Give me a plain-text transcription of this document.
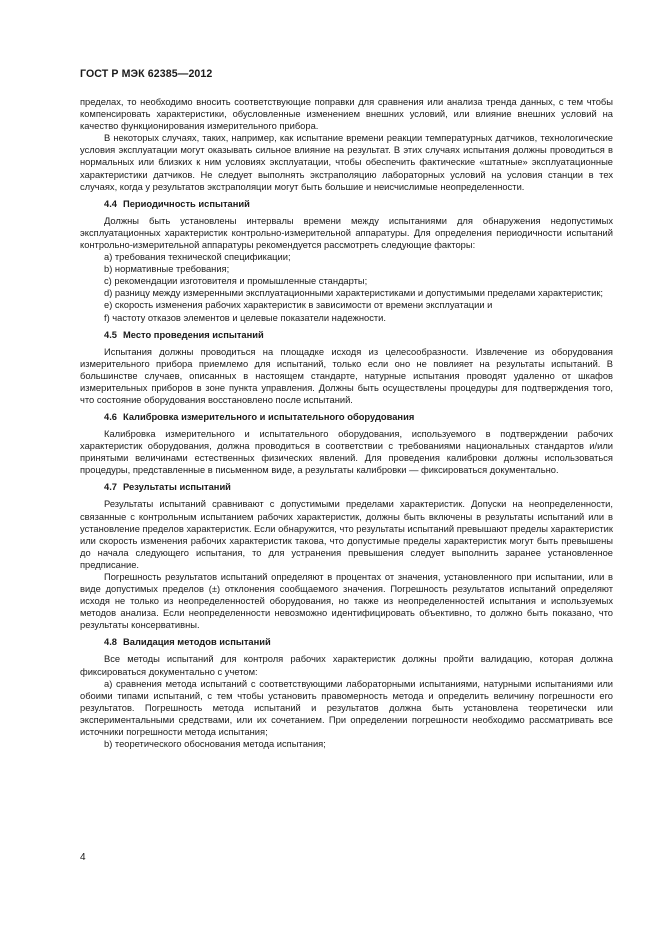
ГОСТ Р МЭК 62385—2012

пределах, то необходимо вносить соответствующие поправки для сравнения или анализа тренда данных, с тем чтобы компенсировать характеристики, обусловленные изменением внешних условий, или влияние внешних условий на качество функционирования измерительного прибора.

В некоторых случаях, таких, например, как испытание времени реакции температурных датчиков, технологические условия эксплуатации могут оказывать сильное влияние на результат. В этих случаях испытания должны проводиться в нормальных или близких к ним условиях эксплуатации, чтобы обеспечить фактические «штатные» эксплуатационные характеристики датчиков. Не следует выполнять экстраполяцию лабораторных условий на условия станции в тех случаях, когда у результатов экстраполяции могут быть большие и неисчислимые неопределенности.

4.4 Периодичность испытаний

Должны быть установлены интервалы времени между испытаниями для обнаружения недопустимых эксплуатационных характеристик контрольно-измерительной аппаратуры. Для определения периодичности испытаний контрольно-измерительной аппаратуры рекомендуется рассмотреть следующие факторы:

а) требования технической спецификации;

b) нормативные требования;

с) рекомендации изготовителя и промышленные стандарты;

d) разницу между измеренными эксплуатационными характеристиками и допустимыми пределами характеристик;

е) скорость изменения рабочих характеристик в зависимости от времени эксплуатации и

f) частоту отказов элементов и целевые показатели надежности.

4.5 Место проведения испытаний

Испытания должны проводиться на площадке исходя из целесообразности. Извлечение из оборудования измерительного прибора приемлемо для испытаний, только если оно не повлияет на результаты испытаний. В большинстве случаев, описанных в настоящем стандарте, натурные испытания проводят удаленно от шкафов измерительных приборов в зоне пункта управления. Должны быть осуществлены процедуры для подтверждения того, что состояние оборудования восстановлено после испытаний.

4.6 Калибровка измерительного и испытательного оборудования

Калибровка измерительного и испытательного оборудования, используемого в подтверждении рабочих характеристик оборудования, должна проводиться в соответствии с требованиями национальных стандартов и/или принятыми величинами естественных физических явлений. Для проведения калибровки должны использоваться процедуры, представленные в письменном виде, а результаты калибровки — фиксироваться документально.

4.7 Результаты испытаний

Результаты испытаний сравнивают с допустимыми пределами характеристик. Допуски на неопределенности, связанные с контрольным испытанием рабочих характеристик, должны быть включены в результаты испытаний или в установление пределов характеристик. Если обнаружится, что результаты испытаний превышают пределы характеристик или скорость изменения рабочих характеристик такова, что допустимые пределы характеристик могут быть превышены до начала следующего испытания, то для устранения превышения следует выполнить заранее установленное предписание.

Погрешность результатов испытаний определяют в процентах от значения, установленного при испытании, или в виде допустимых пределов (±) отклонения сообщаемого значения. Погрешность результатов испытаний определяют исходя не только из неопределенностей оборудования, но также из неопределенностей испытания и используемых методов анализа. Если неопределенности невозможно идентифицировать объективно, то должно быть показано, что результаты консервативны.

4.8 Валидация методов испытаний

Все методы испытаний для контроля рабочих характеристик должны пройти валидацию, которая должна фиксироваться документально с учетом:

а) сравнения метода испытаний с соответствующими лабораторными испытаниями, натурными испытаниями или обоими типами испытаний, с тем чтобы установить правомерность метода и определить величину погрешности его результатов. Погрешность метода испытаний и результатов должна быть установлена теоретически или экспериментальными средствами, или их сочетанием. При определении погрешности необходимо рассматривать все источники погрешности метода испытания;

b) теоретического обоснования метода испытания;

4
